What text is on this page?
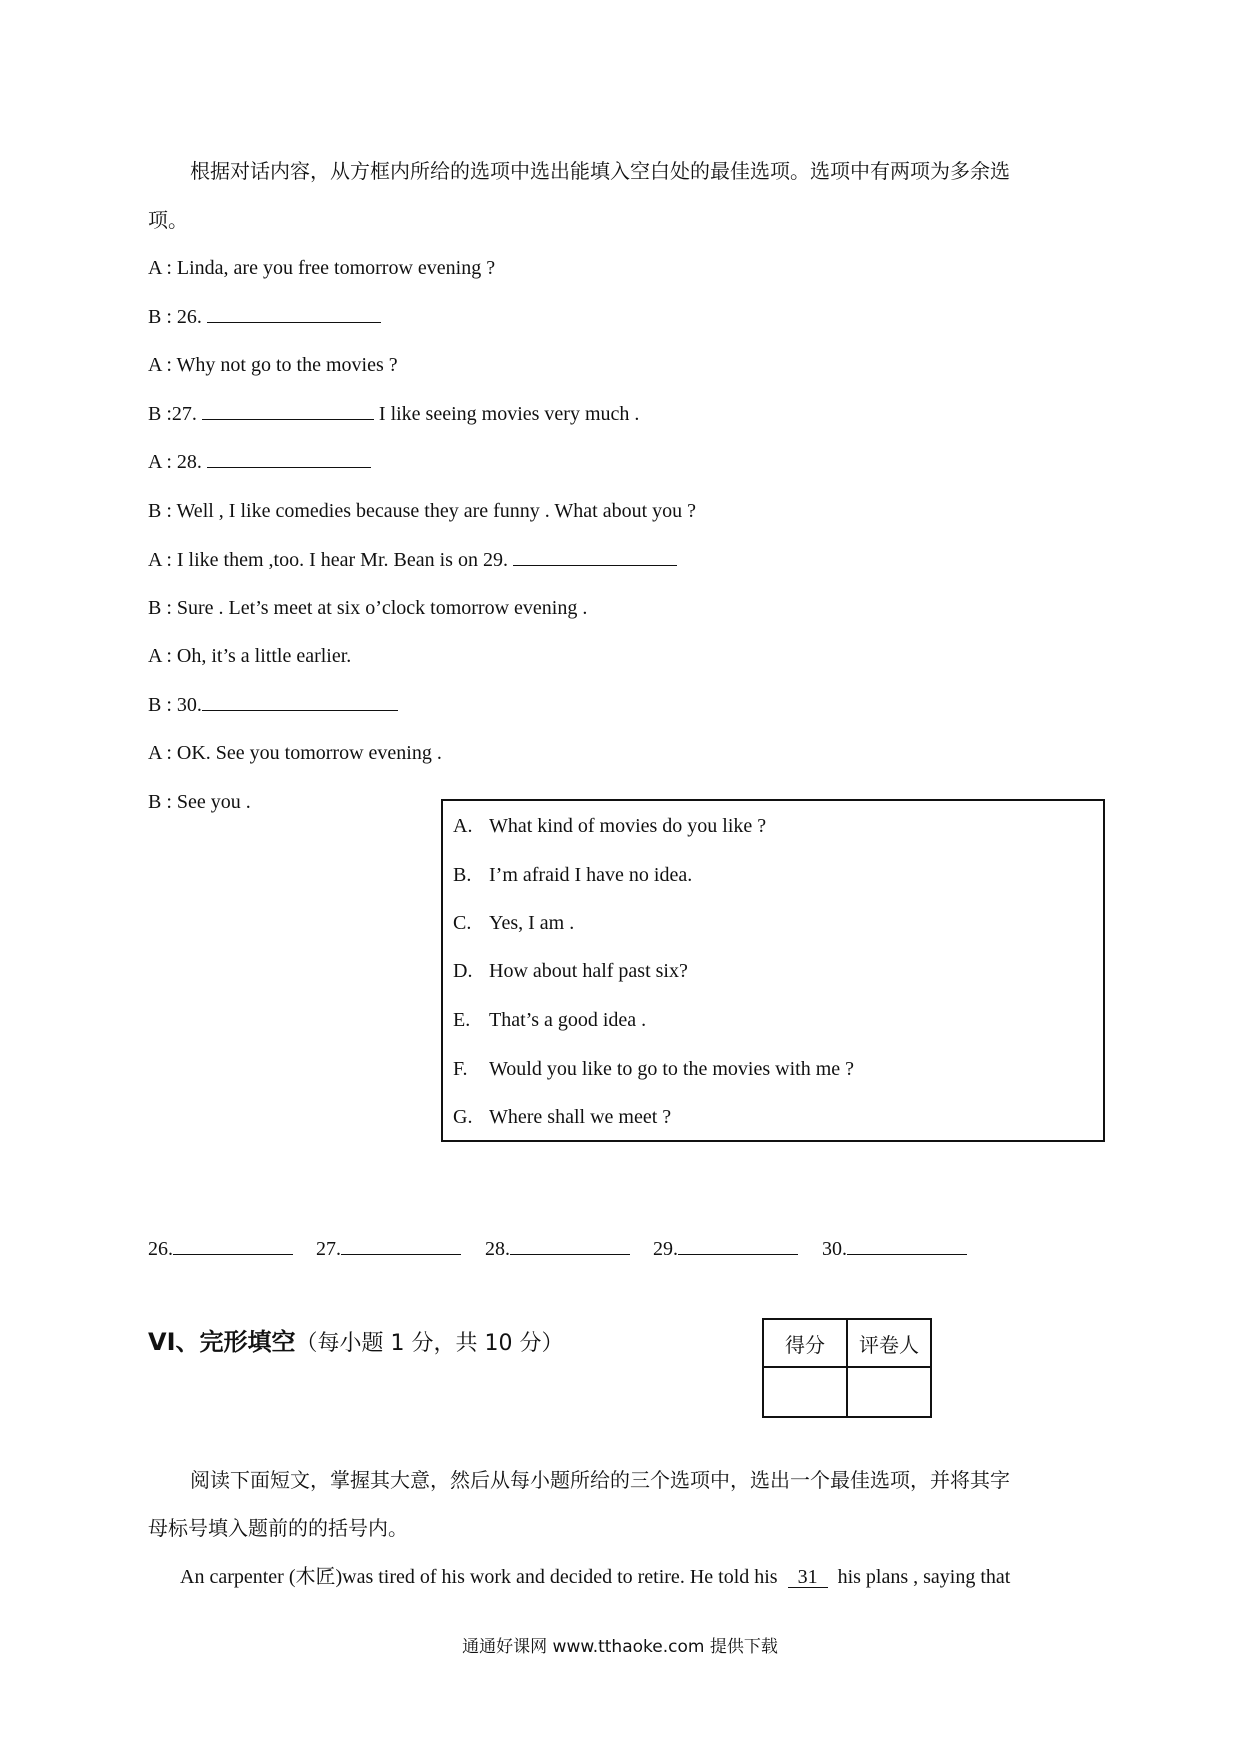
根据对话内容，从方框内所给的选项中选出能填入空白处的最佳选项。选项中有两项为多余选
项。
A : Linda, are you free tomorrow evening ?
B : 26.
A : Why not go to the movies ?
B :27.	I like seeing movies very much .
A : 28.
B : Well , I like comedies because they are funny . What about you ?
A : I like them ,too. I hear Mr. Bean is on 29.
B : Sure . Let’s meet at six o’clock tomorrow evening .
A : Oh, it’s a little earlier.
B : 30.
A : OK. See you tomorrow evening .
B : See you .
A. What kind of movies do you like ?
B. I’m afraid I have no idea.
C. Yes, I am .
D. How about half past six?
E. That’s a good idea .
F. Would you like to go to the movies with me ?
G. Where shall we meet ?
26.	27.	28.	29.	30.
VI、完形填空（每小题 1 分，共 10 分）	得分	评卷人

阅读下面短文，掌握其大意，然后从每小题所给的三个选项中，选出一个最佳选项，并将其字
母标号填入题前的的括号内。
An carpenter (木匠)was tired of his work and decided to retire. He told his 31 his plans , saying that
通通好课网 www.tthaoke.com 提供下载
